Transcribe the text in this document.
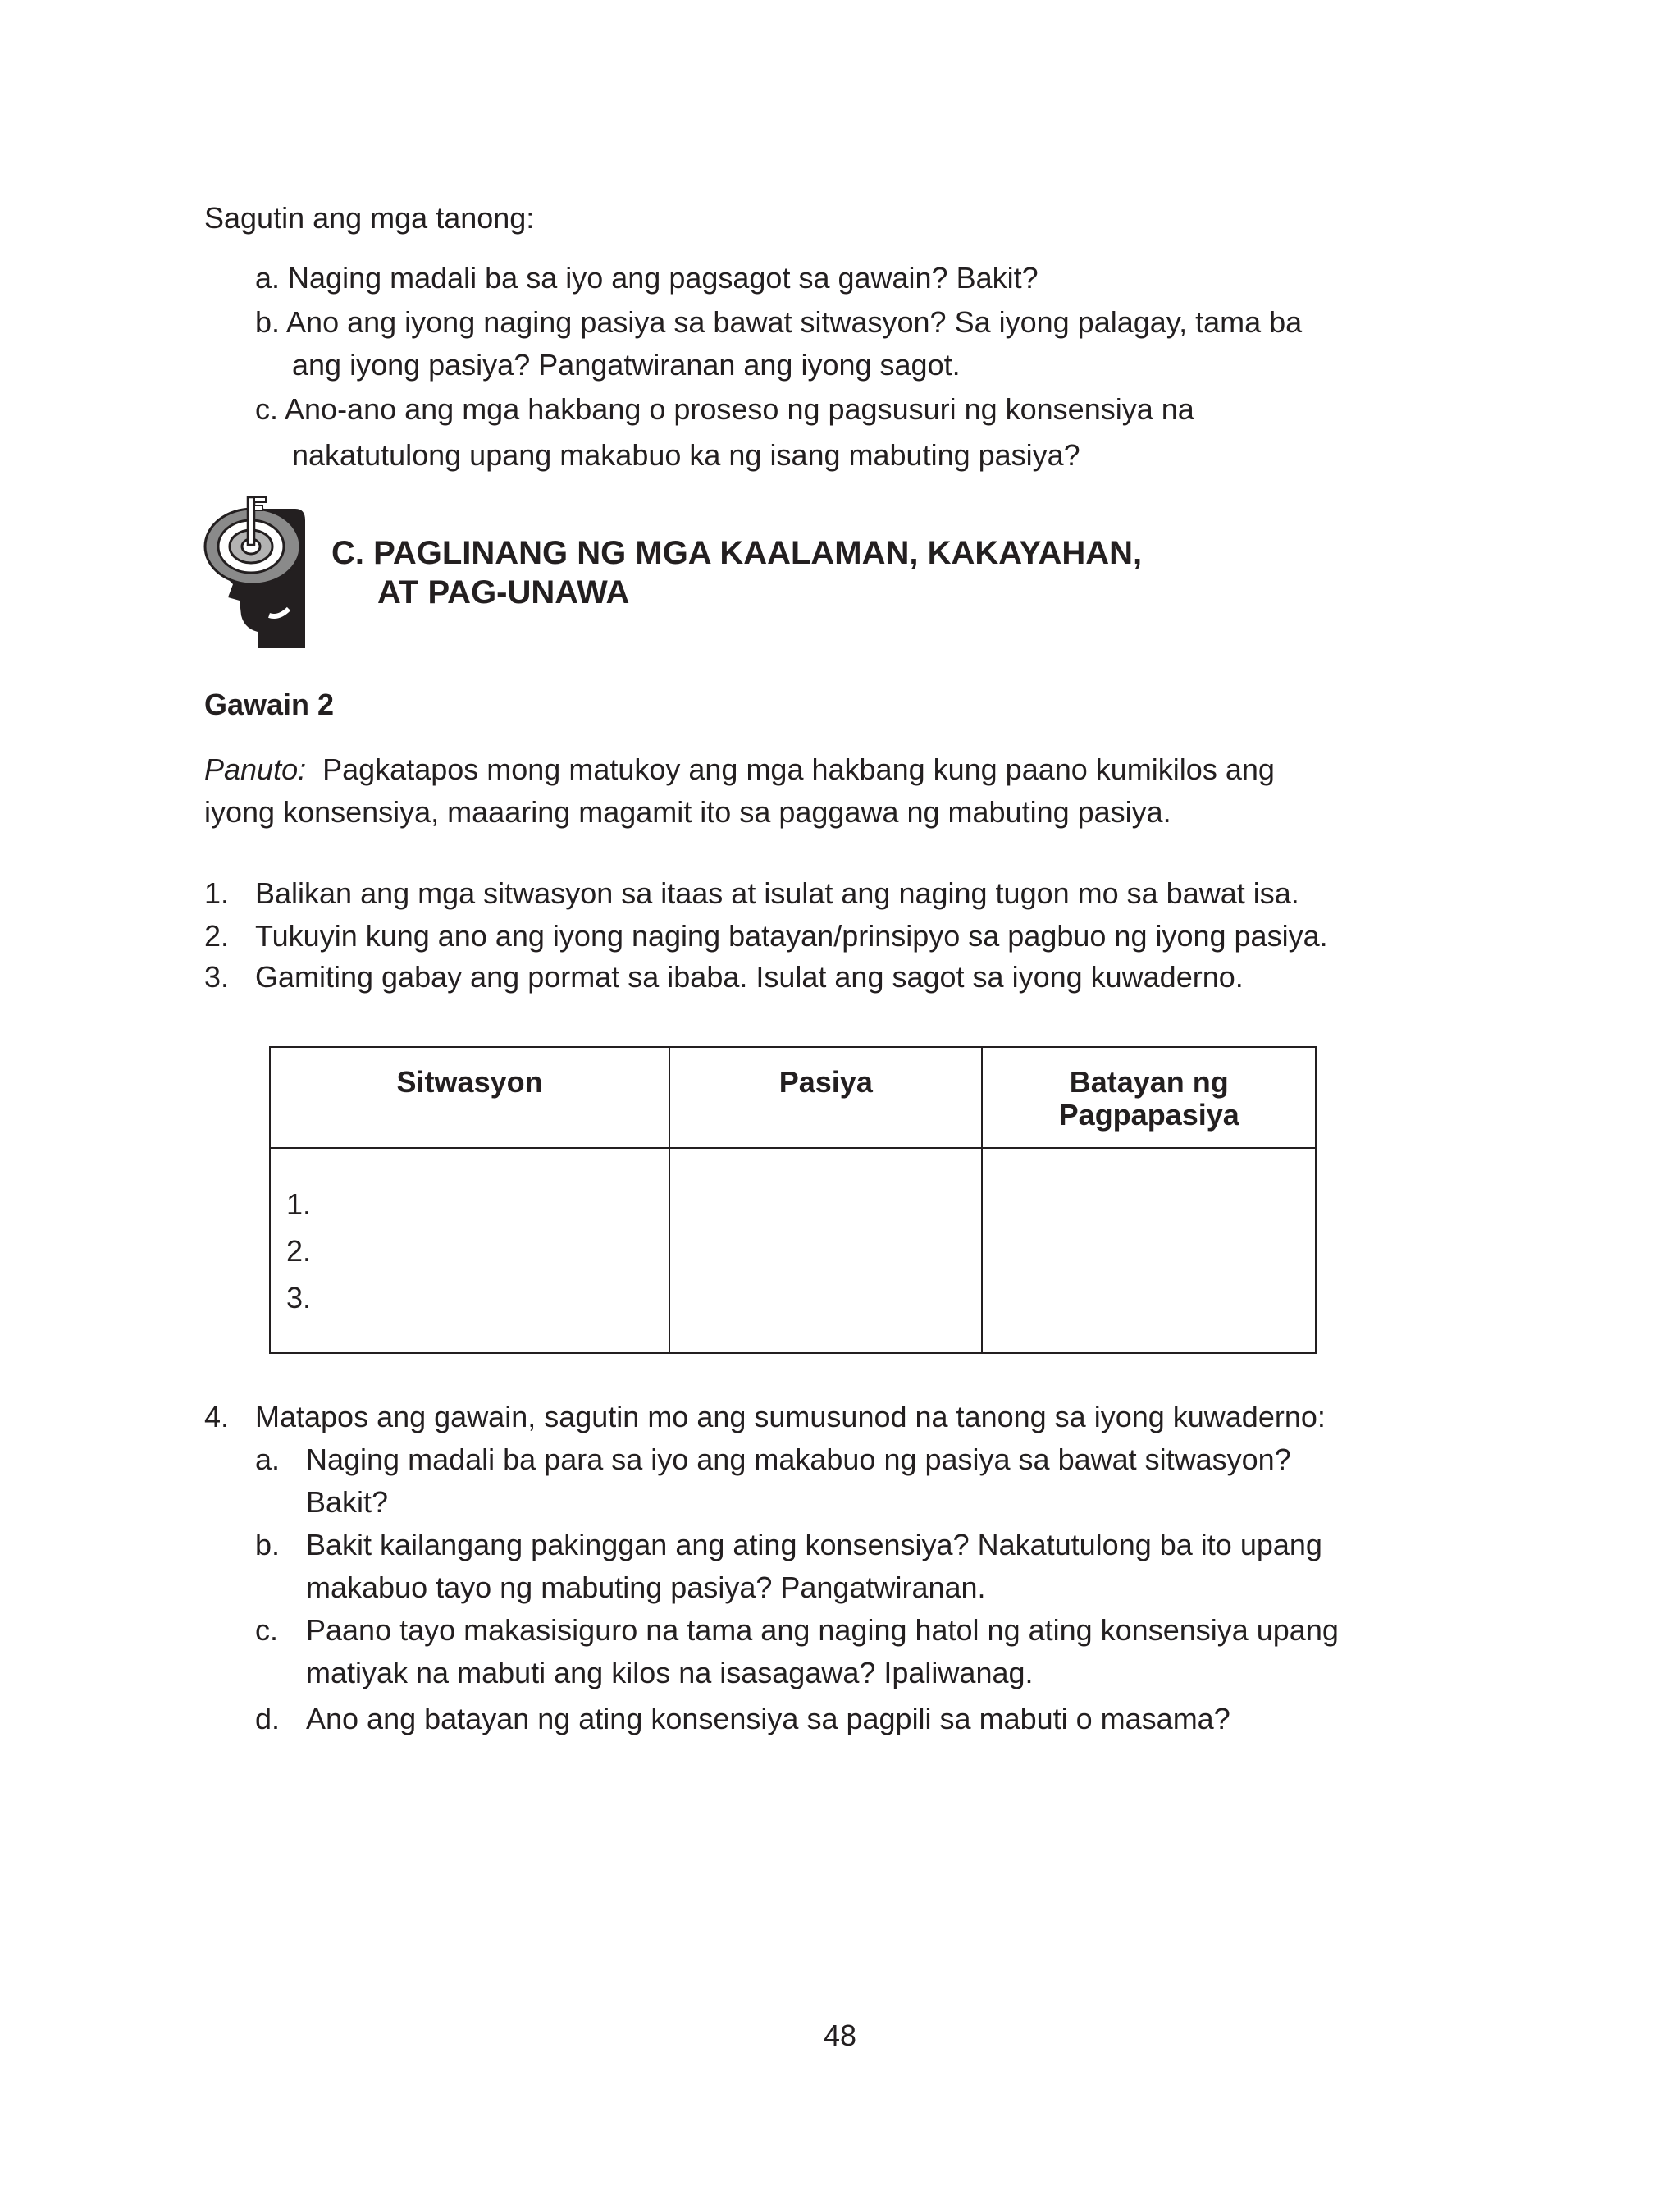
Sagutin ang mga tanong:
a. Naging madali ba sa iyo ang pagsagot sa gawain? Bakit?
b. Ano ang iyong naging pasiya sa bawat sitwasyon? Sa iyong palagay, tama ba
ang iyong pasiya? Pangatwiranan ang iyong sagot.
c. Ano-ano ang mga hakbang o proseso ng pagsusuri ng konsensiya na
nakatutulong upang makabuo ka ng isang mabuting pasiya?
C. PAGLINANG NG MGA KAALAMAN, KAKAYAHAN,
AT PAG-UNAWA
Gawain 2
Panuto: Pagkatapos mong matukoy ang mga hakbang kung paano kumikilos ang
iyong konsensiya, maaaring magamit ito sa paggawa ng mabuting pasiya.
1. Balikan ang mga sitwasyon sa itaas at isulat ang naging tugon mo sa bawat isa.
2. Tukuyin kung ano ang iyong naging batayan/prinsipyo sa pagbuo ng iyong pasiya.
3. Gamiting gabay ang pormat sa ibaba. Isulat ang sagot sa iyong kuwaderno.
Sitwasyon	Pasiya	Batayan ng
Pagpapasiya

1.
2.
3.		

4. Matapos ang gawain, sagutin mo ang sumusunod na tanong sa iyong kuwaderno:
a. Naging madali ba para sa iyo ang makabuo ng pasiya sa bawat sitwasyon?
Bakit?
b. Bakit kailangang pakinggan ang ating konsensiya? Nakatutulong ba ito upang
makabuo tayo ng mabuting pasiya? Pangatwiranan.
c. Paano tayo makasisiguro na tama ang naging hatol ng ating konsensiya upang
matiyak na mabuti ang kilos na isasagawa? Ipaliwanag.
d. Ano ang batayan ng ating konsensiya sa pagpili sa mabuti o masama?
48
